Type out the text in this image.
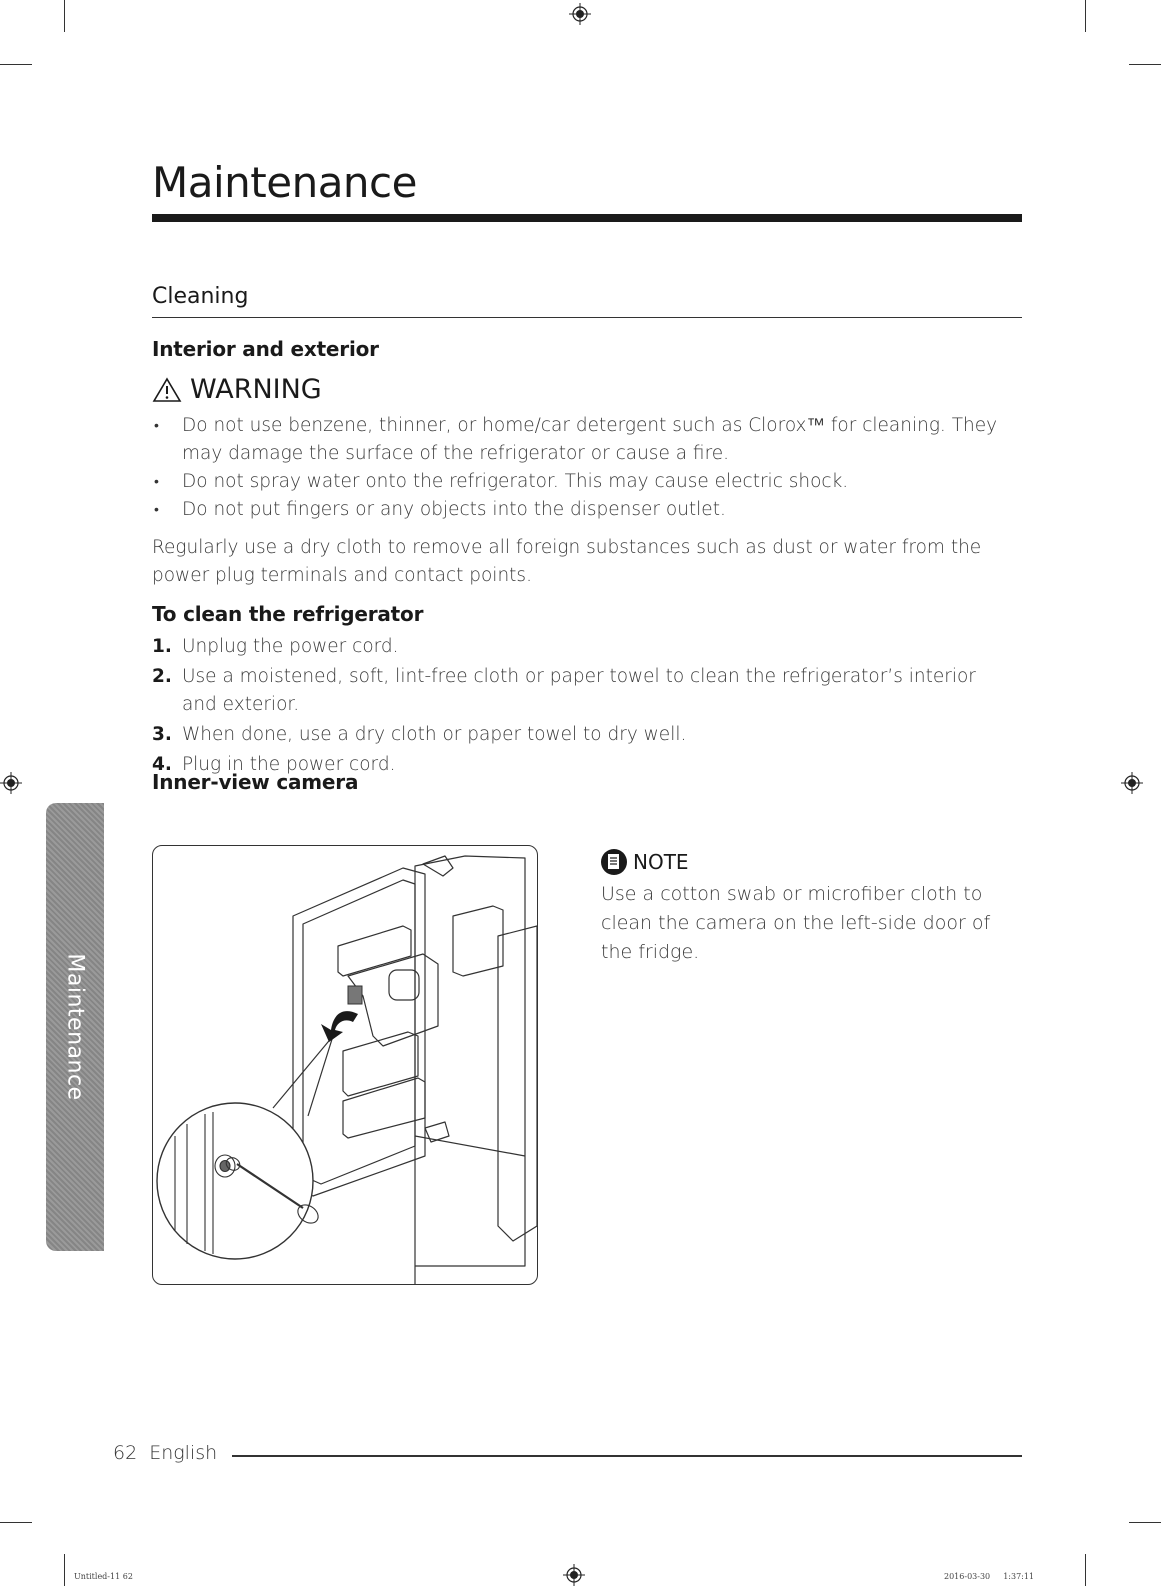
Maintenance
Cleaning
Interior and exterior
WARNING
• Do not use benzene, thinner, or home/car detergent such as Clorox™ for cleaning. They may damage the surface of the refrigerator or cause a fire.
• Do not spray water onto the refrigerator. This may cause electric shock.
• Do not put fingers or any objects into the dispenser outlet.
Regularly use a dry cloth to remove all foreign substances such as dust or water from the power plug terminals and contact points.
To clean the refrigerator
1. Unplug the power cord.
2. Use a moistened, soft, lint-free cloth or paper towel to clean the refrigerator’s interior and exterior.
3. When done, use a dry cloth or paper towel to dry well.
4. Plug in the power cord.
Inner-view camera
Maintenance
NOTE
Use a cotton swab or microfiber cloth to clean the camera on the left-side door of the fridge.
62 English
Untitled-11 62	2016-03-30   1:37:11
